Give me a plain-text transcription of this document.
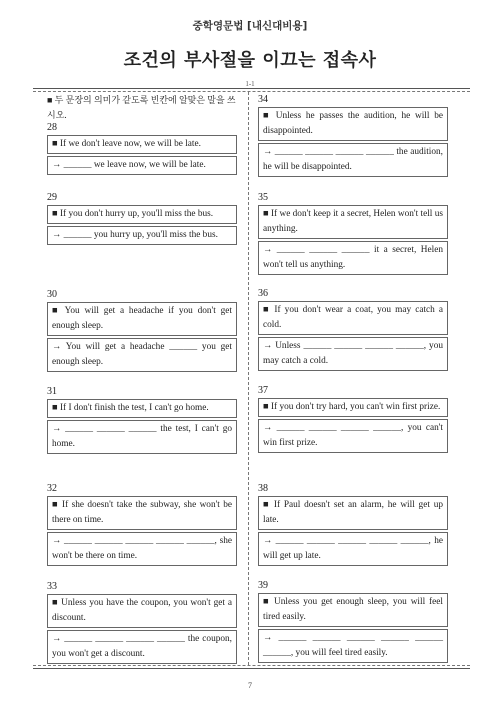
중학영문법 [내신대비용]
조건의 부사절을 이끄는 접속사
1-1
■ 두 문장의 의미가 같도록 빈칸에 알맞은 말을 쓰시오.
28
■ If we don't leave now, we will be late.
→ ______ we leave now, we will be late.
29
■ If you don't hurry up, you'll miss the bus.
→ ______ you hurry up, you'll miss the bus.
30
■ You will get a headache if you don't get enough sleep.
→ You will get a headache ______ you get enough sleep.
31
■ If I don't finish the test, I can't go home.
→ ______ ______ ______ the test, I can't go home.
32
■ If she doesn't take the subway, she won't be there on time.
→ ______ ______ ______ ______ ______, she won't be there on time.
33
■ Unless you have the coupon, you won't get a discount.
→ ______ ______ ______ ______ the coupon, you won't get a discount.
34
■ Unless he passes the audition, he will be disappointed.
→ ______ ______ ______ ______ the audition, he will be disappointed.
35
■ If we don't keep it a secret, Helen won't tell us anything.
→ ______ ______ ______ it a secret, Helen won't tell us anything.
36
■ If you don't wear a coat, you may catch a cold.
→ Unless ______ ______ ______ ______, you may catch a cold.
37
■ If you don't try hard, you can't win first prize.
→ ______ ______ ______ ______, you can't win first prize.
38
■ If Paul doesn't set an alarm, he will get up late.
→ ______ ______ ______ ______ ______, he will get up late.
39
■ Unless you get enough sleep, you will feel tired easily.
→ ______ ______ ______ ______ ______ ______, you will feel tired easily.
7
